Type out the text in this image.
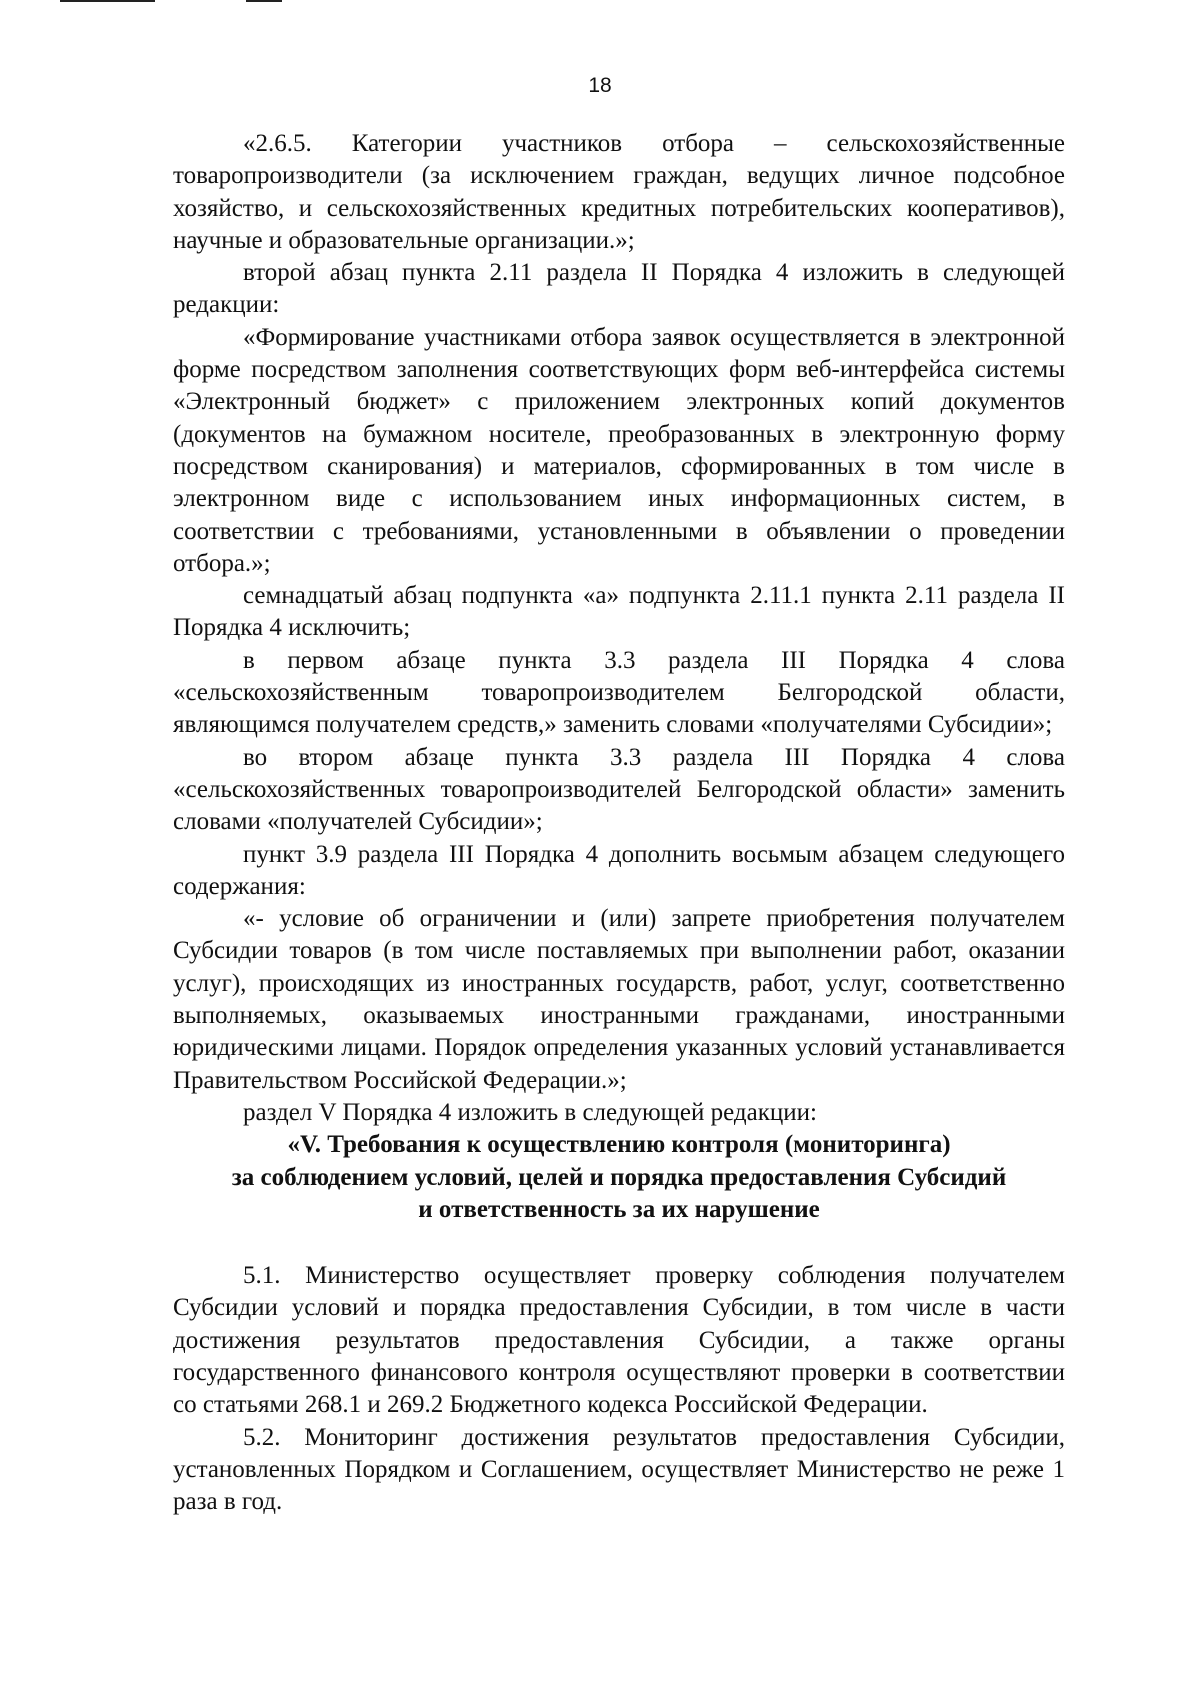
18

«2.6.5. Категории участников отбора – сельскохозяйственные товаропроизводители (за исключением граждан, ведущих личное подсобное хозяйство, и сельскохозяйственных кредитных потребительских кооперативов), научные и образовательные организации.»;

второй абзац пункта 2.11 раздела II Порядка 4 изложить в следующей редакции:

«Формирование участниками отбора заявок осуществляется в электронной форме посредством заполнения соответствующих форм веб-интерфейса системы «Электронный бюджет» с приложением электронных копий документов (документов на бумажном носителе, преобразованных в электронную форму посредством сканирования) и материалов, сформированных в том числе в электронном виде с использованием иных информационных систем, в соответствии с требованиями, установленными в объявлении о проведении отбора.»;

семнадцатый абзац подпункта «а» подпункта 2.11.1 пункта 2.11 раздела II Порядка 4 исключить;

в первом абзаце пункта 3.3 раздела III Порядка 4 слова «сельскохозяйственным товаропроизводителем Белгородской области, являющимся получателем средств,» заменить словами «получателями Субсидии»;

во втором абзаце пункта 3.3 раздела III Порядка 4 слова «сельскохозяйственных товаропроизводителей Белгородской области» заменить словами «получателей Субсидии»;

пункт 3.9 раздела III Порядка 4 дополнить восьмым абзацем следующего содержания:

«- условие об ограничении и (или) запрете приобретения получателем Субсидии товаров (в том числе поставляемых при выполнении работ, оказании услуг), происходящих из иностранных государств, работ, услуг, соответственно выполняемых, оказываемых иностранными гражданами, иностранными юридическими лицами. Порядок определения указанных условий устанавливается Правительством Российской Федерации.»;

раздел V Порядка 4 изложить в следующей редакции:

«V. Требования к осуществлению контроля (мониторинга)
за соблюдением условий, целей и порядка предоставления Субсидий
и ответственность за их нарушение

5.1. Министерство осуществляет проверку соблюдения получателем Субсидии условий и порядка предоставления Субсидии, в том числе в части достижения результатов предоставления Субсидии, а также органы государственного финансового контроля осуществляют проверки в соответствии со статьями 268.1 и 269.2 Бюджетного кодекса Российской Федерации.

5.2. Мониторинг достижения результатов предоставления Субсидии, установленных Порядком и Соглашением, осуществляет Министерство не реже 1 раза в год.
